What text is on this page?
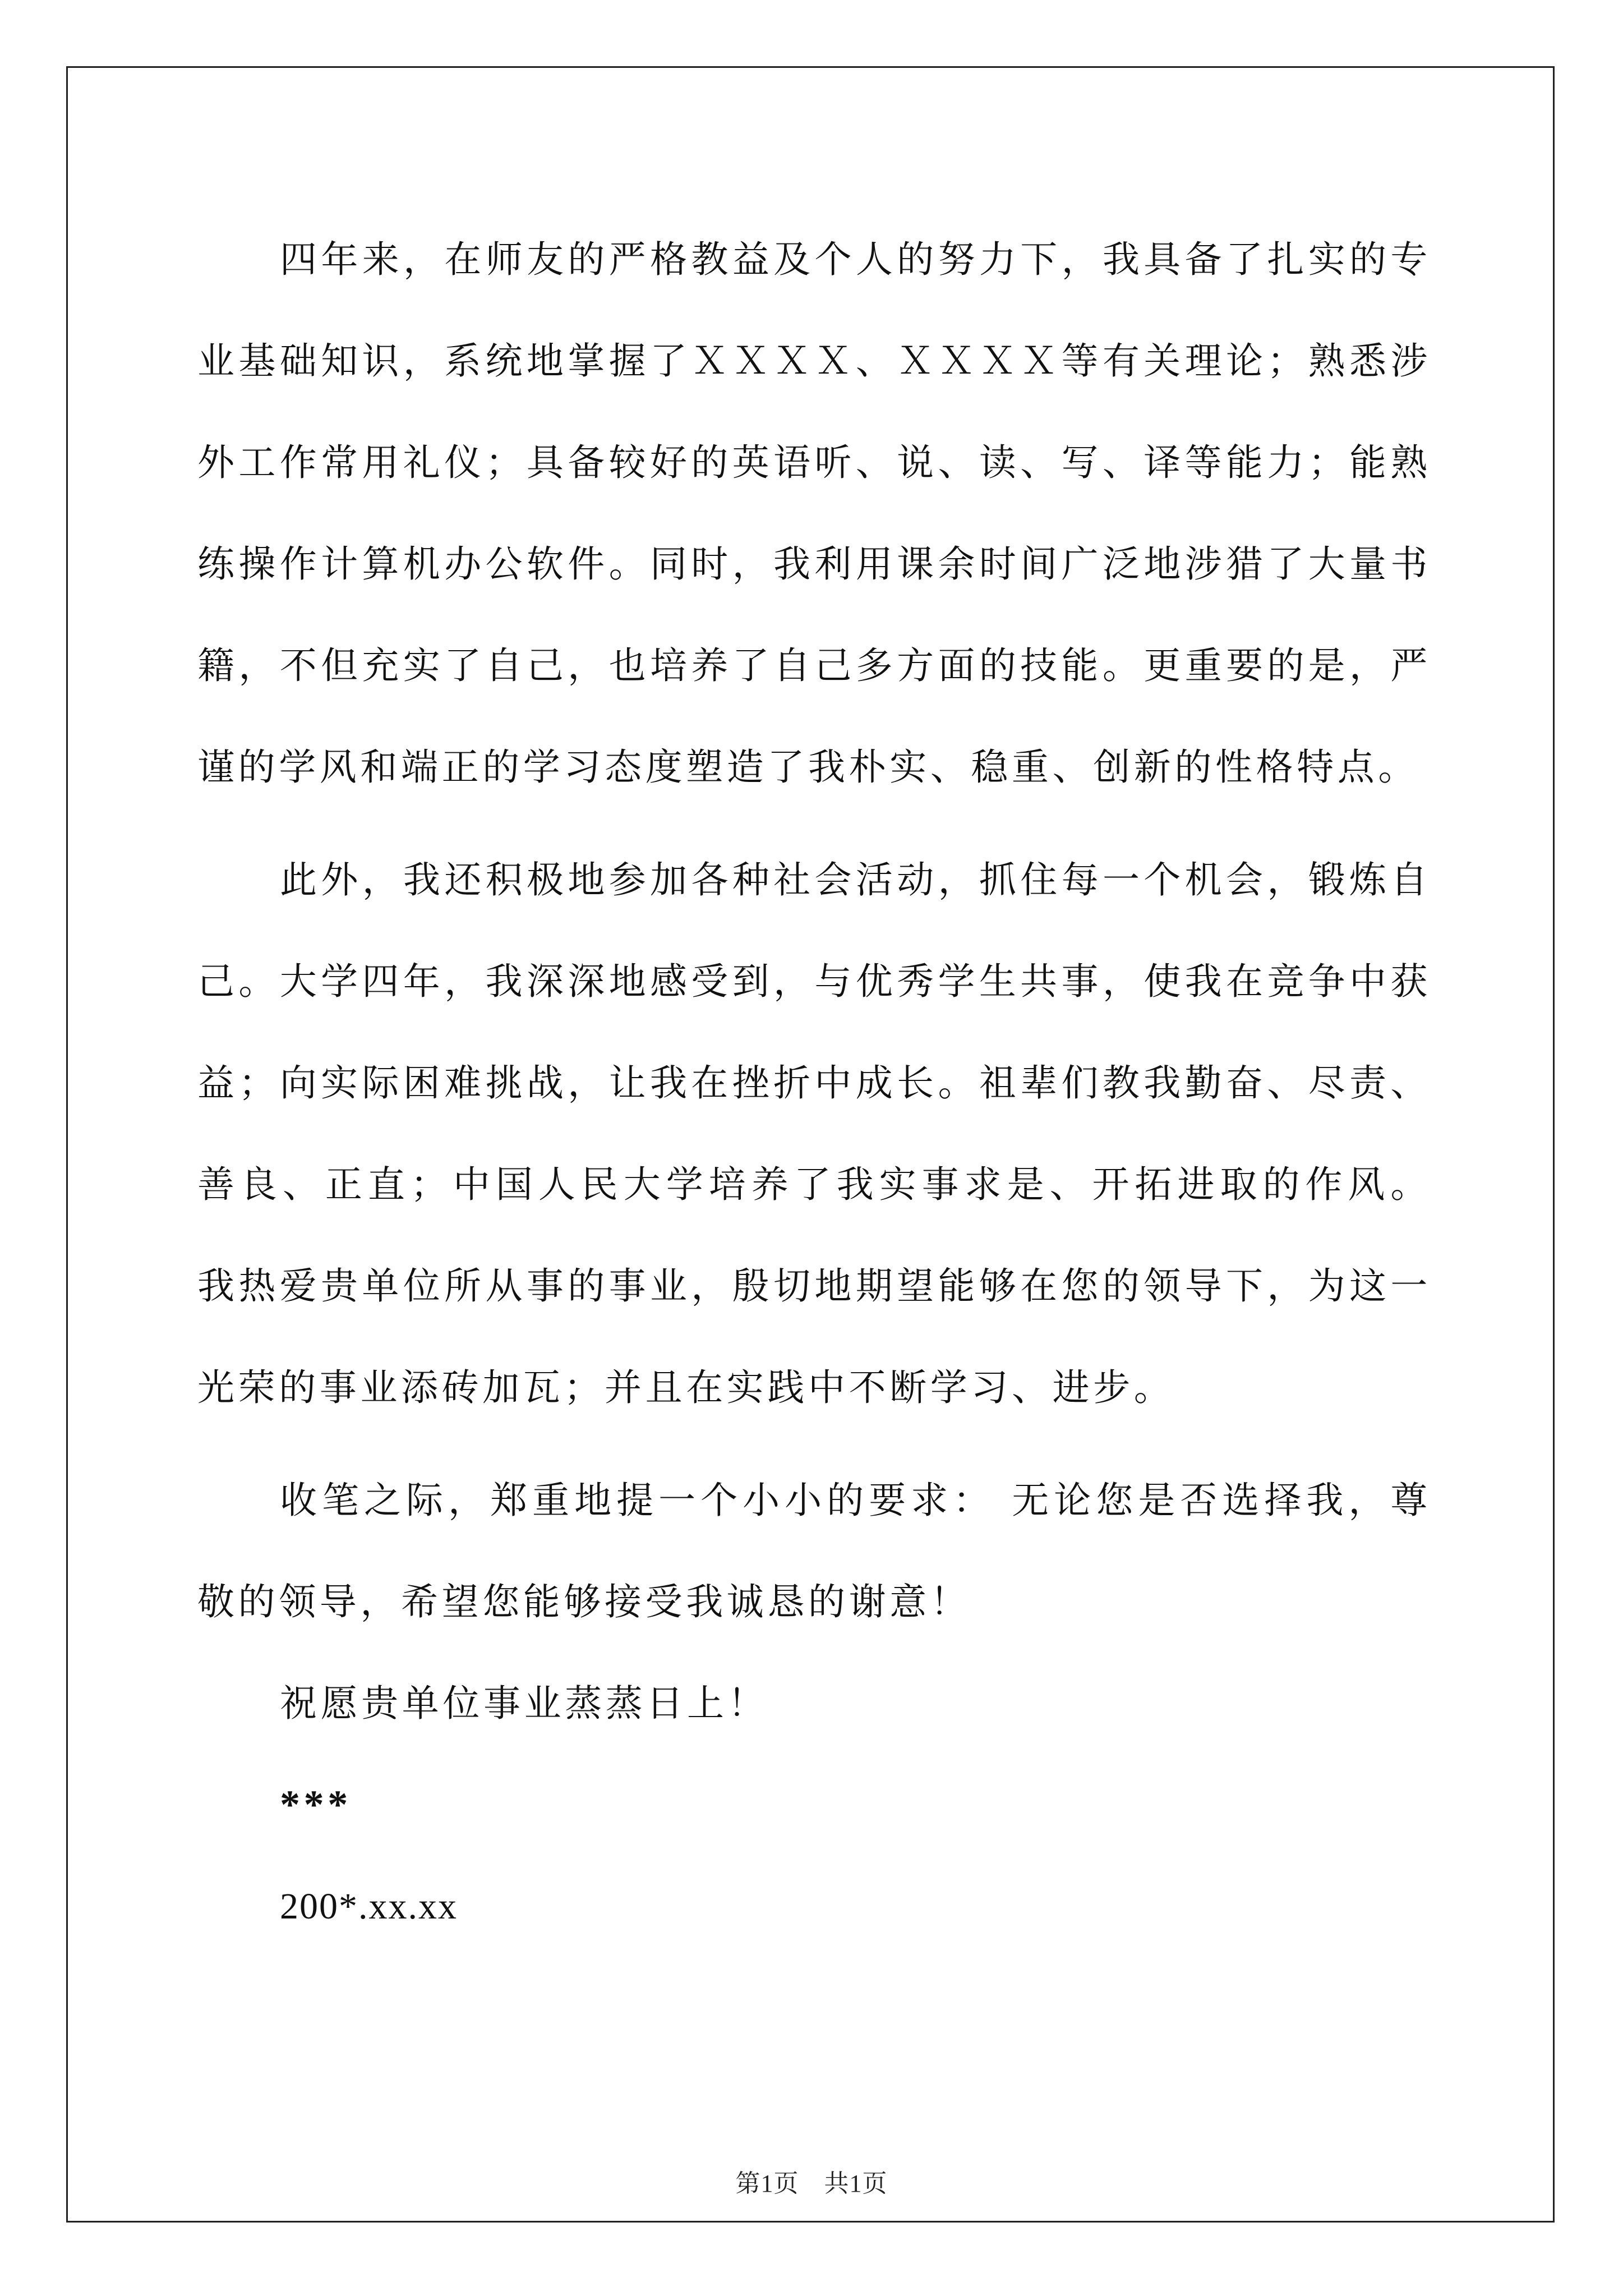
四年来，在师友的严格教益及个人的努力下，我具备了扎实的专业基础知识，系统地掌握了ＸＸＸＸ、ＸＸＸＸ等有关理论；熟悉涉外工作常用礼仪；具备较好的英语听、说、读、写、译等能力；能熟练操作计算机办公软件。同时，我利用课余时间广泛地涉猎了大量书籍，不但充实了自己，也培养了自己多方面的技能。更重要的是，严谨的学风和端正的学习态度塑造了我朴实、稳重、创新的性格特点。

此外，我还积极地参加各种社会活动，抓住每一个机会，锻炼自己。大学四年，我深深地感受到，与优秀学生共事，使我在竞争中获益；向实际困难挑战，让我在挫折中成长。祖辈们教我勤奋、尽责、善良、正直；中国人民大学培养了我实事求是、开拓进取的作风。 我热爱贵单位所从事的事业，殷切地期望能够在您的领导下，为这一光荣的事业添砖加瓦；并且在实践中不断学习、进步。

收笔之际，郑重地提一个小小的要求： 无论您是否选择我，尊敬的领导，希望您能够接受我诚恳的谢意！

祝愿贵单位事业蒸蒸日上！

***

200*.xx.xx

第1页　共1页
